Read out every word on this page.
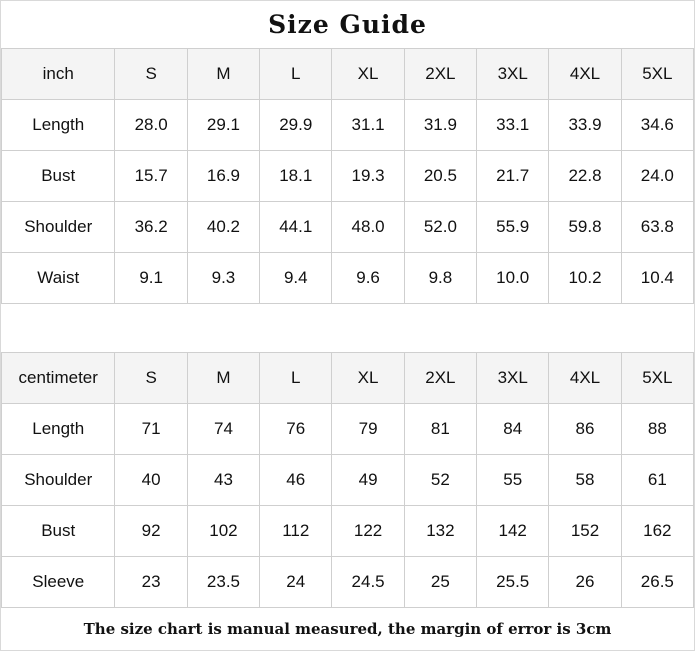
Size Guide
inch	S	M	L	XL	2XL	3XL	4XL	5XL
Length	28.0	29.1	29.9	31.1	31.9	33.1	33.9	34.6
Bust	15.7	16.9	18.1	19.3	20.5	21.7	22.8	24.0
Shoulder	36.2	40.2	44.1	48.0	52.0	55.9	59.8	63.8
Waist	9.1	9.3	9.4	9.6	9.8	10.0	10.2	10.4
centimeter	S	M	L	XL	2XL	3XL	4XL	5XL
Length	71	74	76	79	81	84	86	88
Shoulder	40	43	46	49	52	55	58	61
Bust	92	102	112	122	132	142	152	162
Sleeve	23	23.5	24	24.5	25	25.5	26	26.5
The size chart is manual measured, the margin of error is 3cm
